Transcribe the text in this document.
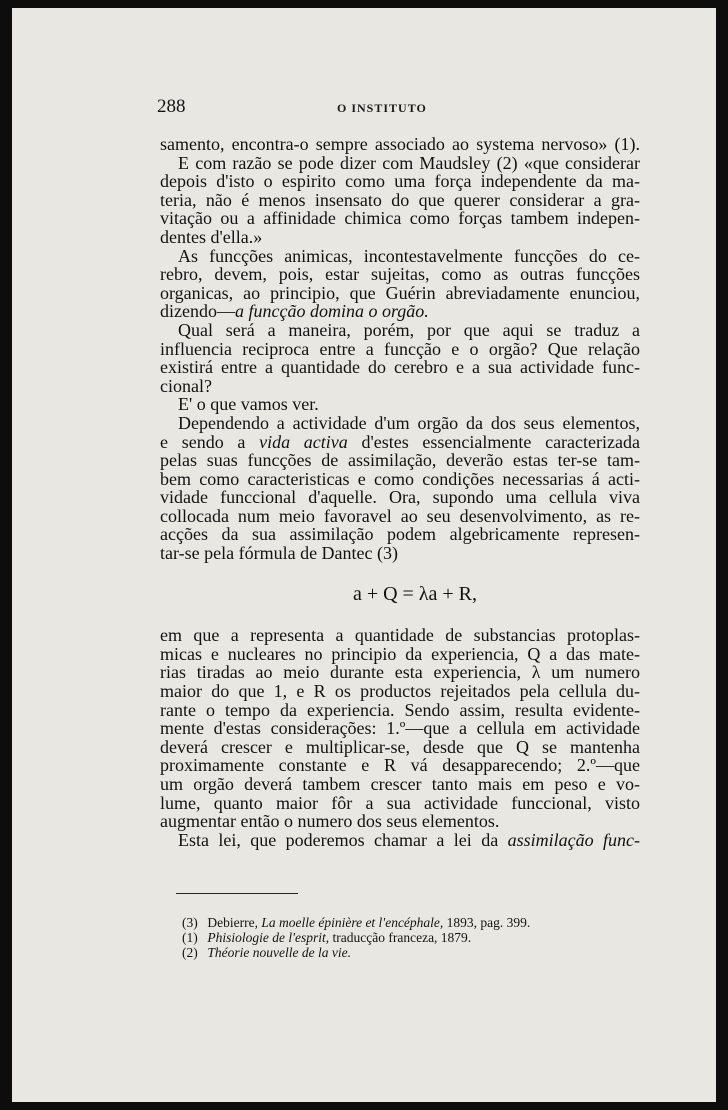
288	O INSTITUTO
samento, encontra-o sempre associado ao systema nervoso» (1).
E com razão se pode dizer com Maudsley (2) «que considerar
depois d'isto o espirito como uma força independente da ma-
teria, não é menos insensato do que querer considerar a gra-
vitação ou a affinidade chimica como forças tambem indepen-
dentes d'ella.»
As funcções animicas, incontestavelmente funcções do ce-
rebro, devem, pois, estar sujeitas, como as outras funcções
organicas, ao principio, que Guérin abreviadamente enunciou,
dizendo—a funcção domina o orgão.
Qual será a maneira, porém, por que aqui se traduz a
influencia reciproca entre a funcção e o orgão? Que relação
existirá entre a quantidade do cerebro e a sua actividade func-
cional?
E' o que vamos ver.
Dependendo a actividade d'um orgão da dos seus elementos,
e sendo a vida activa d'estes essencialmente caracterizada
pelas suas funcções de assimilação, deverão estas ter-se tam-
bem como caracteristicas e como condições necessarias á acti-
vidade funccional d'aquelle. Ora, supondo uma cellula viva
collocada num meio favoravel ao seu desenvolvimento, as re-
acções da sua assimilação podem algebricamente represen-
tar-se pela fórmula de Dantec (3)
a + Q = λa + R,
em que a representa a quantidade de substancias protoplas-
micas e nucleares no principio da experiencia, Q a das mate-
rias tiradas ao meio durante esta experiencia, λ um numero
maior do que 1, e R os productos rejeitados pela cellula du-
rante o tempo da experiencia. Sendo assim, resulta evidente-
mente d'estas considerações: 1.º—que a cellula em actividade
deverá crescer e multiplicar-se, desde que Q se mantenha
proximamente constante e R vá desapparecendo; 2.º—que
um orgão deverá tambem crescer tanto mais em peso e vo-
lume, quanto maior fôr a sua actividade funccional, visto
augmentar então o numero dos seus elementos.
Esta lei, que poderemos chamar a lei da assimilação func-
(3) Debierre, La moelle épinière et l'encéphale, 1893, pag. 399.
(1) Phisiologie de l'esprit, traducção franceza, 1879.
(2) Théorie nouvelle de la vie.
